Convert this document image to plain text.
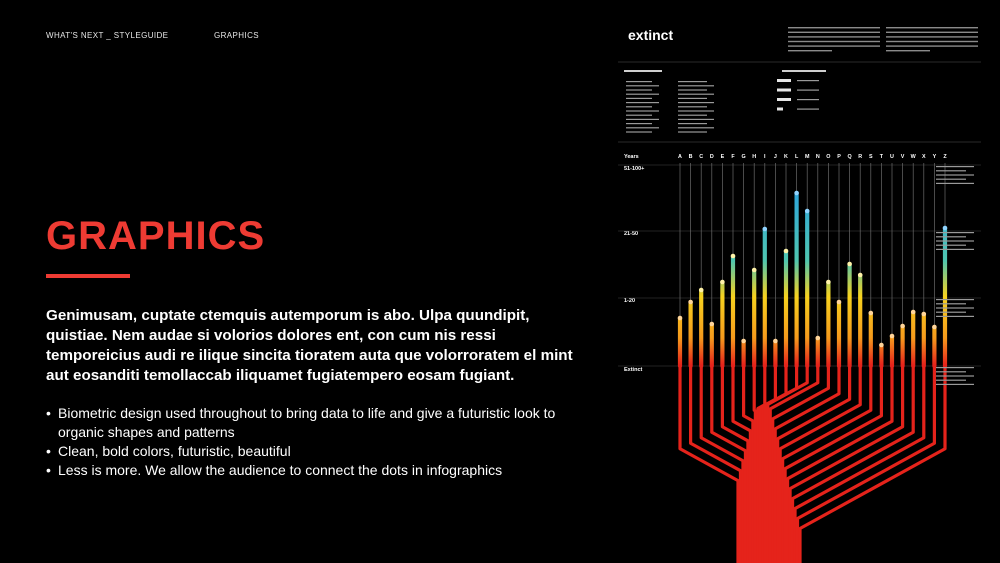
WHAT'S NEXT _ STYLEGUIDE	GRAPHICS
GRAPHICS

Genimusam, cuptate ctemquis autemporum is abo. Ulpa quundipit, quistiae. Nem audae si volorios dolores ent, con cum nis ressi temporeicius audi re ilique sincita tioratem auta que volorroratem el mint aut eosanditi temollaccab iliquamet fugiatempero eosam fugiant.

• Biometric design used throughout to bring data to life and give a futuristic look to organic shapes and patterns
• Clean, bold colors, futuristic, beautiful
• Less is more. We allow the audience to connect the dots in infographics
extinct
Years
51-100+
21-50
1-20
Extinct
A B C D E F G H I J K L M N O P Q R S T U V W X Y Z
